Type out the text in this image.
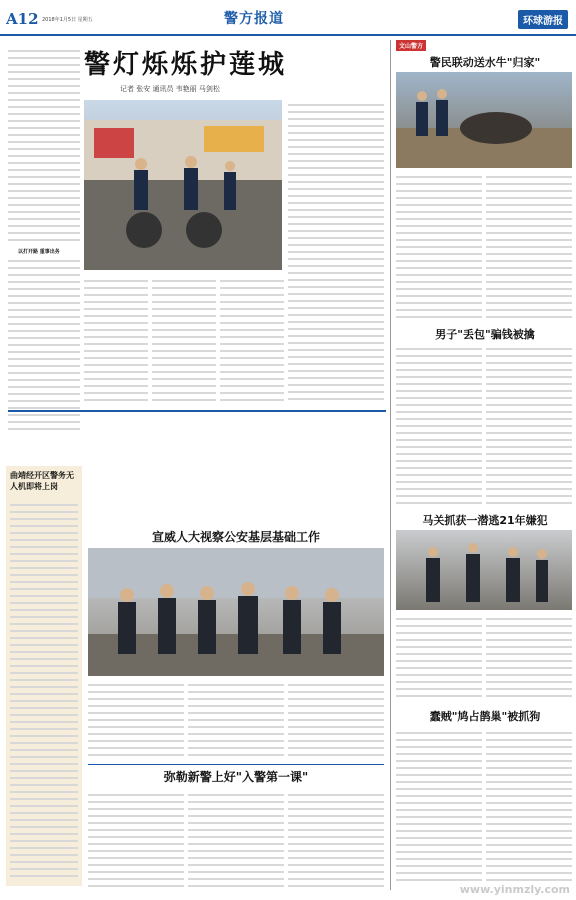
A12 2018年1月5日 星期五	警方报道	环球游报
警灯烁烁护莲城
记者 张安 通讯员 韦艳丽 马剑松
以打开路 重事出务
曲靖经开区警务无人机即将上岗
宣威人大视察公安基层基础工作
弥勒新警上好"入警第一课"
文山警方
警民联动送水牛"归家"
男子"丢包"骗钱被擒
马关抓获一潜逃21年嫌犯
蠢贼"鸠占鹊巢"被抓狗
www.yinmzly.com
